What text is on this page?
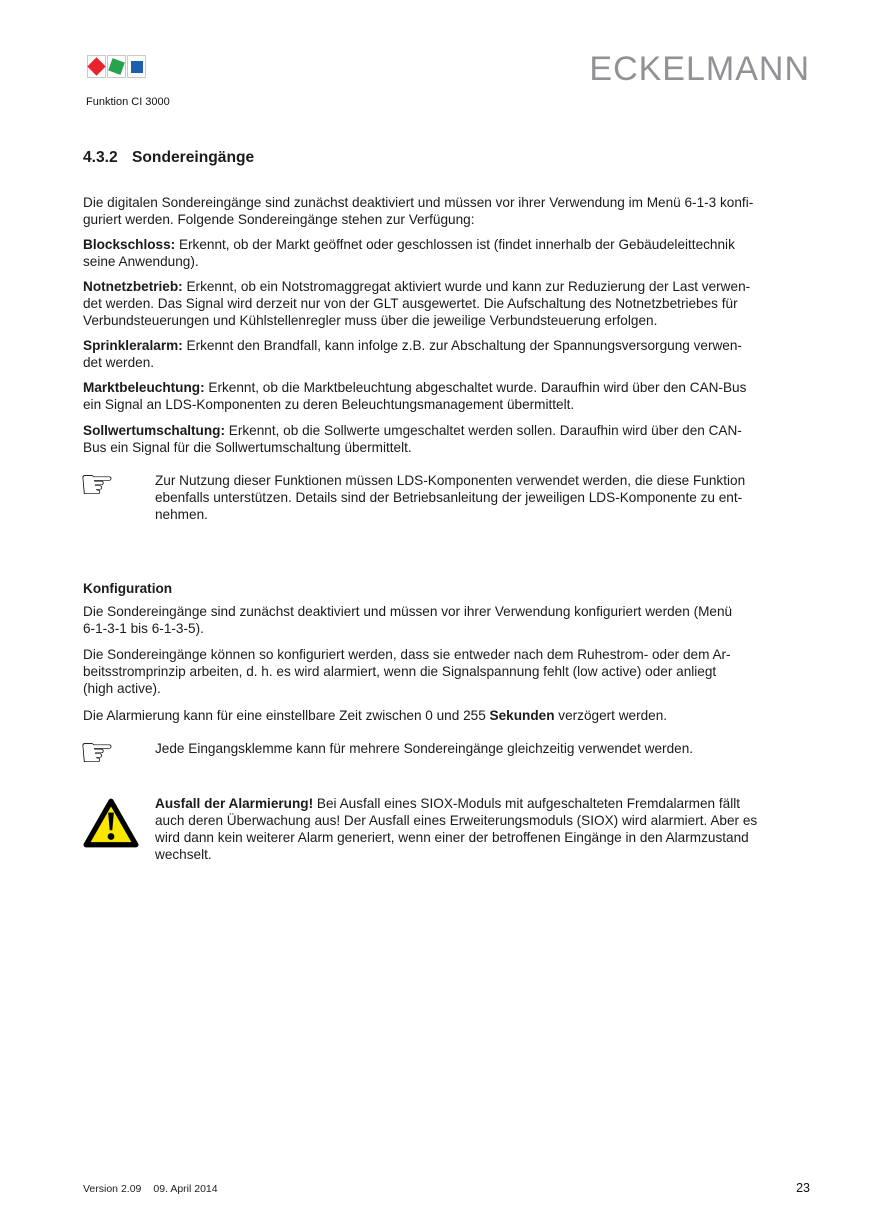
Funktion CI 3000
ECKELMANN
4.3.2 Sondereingänge

Die digitalen Sondereingänge sind zunächst deaktiviert und müssen vor ihrer Verwendung im Menü 6-1-3 konfi-
guriert werden. Folgende Sondereingänge stehen zur Verfügung:

Blockschloss: Erkennt, ob der Markt geöffnet oder geschlossen ist (findet innerhalb der Gebäudeleittechnik
seine Anwendung).

Notnetzbetrieb: Erkennt, ob ein Notstromaggregat aktiviert wurde und kann zur Reduzierung der Last verwen-
det werden. Das Signal wird derzeit nur von der GLT ausgewertet. Die Aufschaltung des Notnetzbetriebes für
Verbundsteuerungen und Kühlstellenregler muss über die jeweilige Verbundsteuerung erfolgen.

Sprinkleralarm: Erkennt den Brandfall, kann infolge z.B. zur Abschaltung der Spannungsversorgung verwen-
det werden.

Marktbeleuchtung: Erkennt, ob die Marktbeleuchtung abgeschaltet wurde. Daraufhin wird über den CAN-Bus
ein Signal an LDS-Komponenten zu deren Beleuchtungsmanagement übermittelt.

Sollwertumschaltung: Erkennt, ob die Sollwerte umgeschaltet werden sollen. Daraufhin wird über den CAN-
Bus ein Signal für die Sollwertumschaltung übermittelt.

☞	Zur Nutzung dieser Funktionen müssen LDS-Komponenten verwendet werden, die diese Funktion
ebenfalls unterstützen. Details sind der Betriebsanleitung der jeweiligen LDS-Komponente zu ent-
nehmen.
Konfiguration

Die Sondereingänge sind zunächst deaktiviert und müssen vor ihrer Verwendung konfiguriert werden (Menü
6-1-3-1 bis 6-1-3-5).

Die Sondereingänge können so konfiguriert werden, dass sie entweder nach dem Ruhestrom- oder dem Ar-
beitsstromprinzip arbeiten, d. h. es wird alarmiert, wenn die Signalspannung fehlt (low active) oder anliegt
(high active).

Die Alarmierung kann für eine einstellbare Zeit zwischen 0 und 255 Sekunden verzögert werden.

☞	Jede Eingangsklemme kann für mehrere Sondereingänge gleichzeitig verwendet werden.
Ausfall der Alarmierung! Bei Ausfall eines SIOX-Moduls mit aufgeschalteten Fremdalarmen fällt
auch deren Überwachung aus! Der Ausfall eines Erweiterungsmoduls (SIOX) wird alarmiert. Aber es
wird dann kein weiterer Alarm generiert, wenn einer der betroffenen Eingänge in den Alarmzustand
wechselt.
Version 2.09 09. April 2014	23
